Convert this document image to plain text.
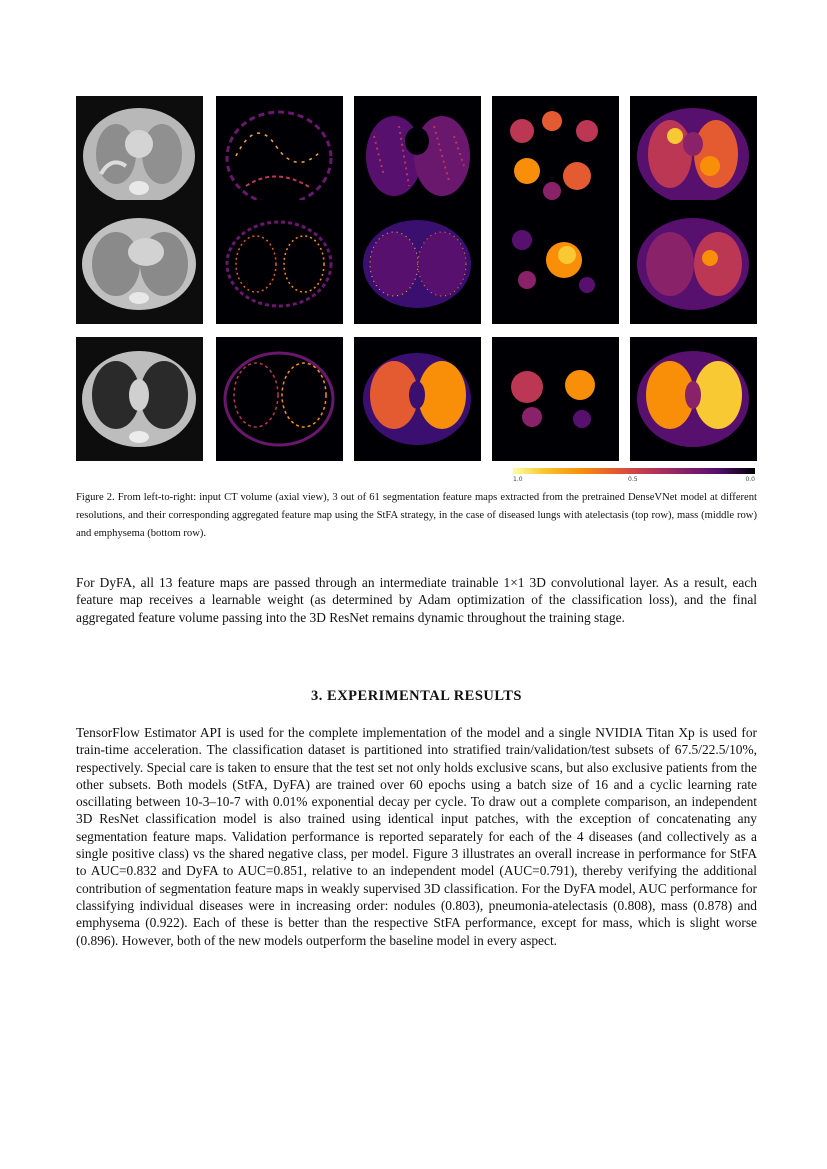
1.0	0.5	0.0
Figure 2. From left-to-right: input CT volume (axial view), 3 out of 61 segmentation feature maps extracted from the pretrained DenseVNet model at different resolutions, and their corresponding aggregated feature map using the StFA strategy, in the case of diseased lungs with atelectasis (top row), mass (middle row) and emphysema (bottom row).
For DyFA, all 13 feature maps are passed through an intermediate trainable 1×1 3D convolutional layer. As a result, each feature map receives a learnable weight (as determined by Adam optimization of the classification loss), and the final aggregated feature volume passing into the 3D ResNet remains dynamic throughout the training stage.
3. EXPERIMENTAL RESULTS
TensorFlow Estimator API is used for the complete implementation of the model and a single NVIDIA Titan Xp is used for train-time acceleration. The classification dataset is partitioned into stratified train/validation/test subsets of 67.5/22.5/10%, respectively. Special care is taken to ensure that the test set not only holds exclusive scans, but also exclusive patients from the other subsets. Both models (StFA, DyFA) are trained over 60 epochs using a batch size of 16 and a cyclic learning rate oscillating between 10-3–10-7 with 0.01% exponential decay per cycle. To draw out a complete comparison, an independent 3D ResNet classification model is also trained using identical input patches, with the exception of concatenating any segmentation feature maps. Validation performance is reported separately for each of the 4 diseases (and collectively as a single positive class) vs the shared negative class, per model. Figure 3 illustrates an overall increase in performance for StFA to AUC=0.832 and DyFA to AUC=0.851, relative to an independent model (AUC=0.791), thereby verifying the additional contribution of segmentation feature maps in weakly supervised 3D classification. For the DyFA model, AUC performance for classifying individual diseases were in increasing order: nodules (0.803), pneumonia-atelectasis (0.808), mass (0.878) and emphysema (0.922). Each of these is better than the respective StFA performance, except for mass, which is slight worse (0.896). However, both of the new models outperform the baseline model in every aspect.
